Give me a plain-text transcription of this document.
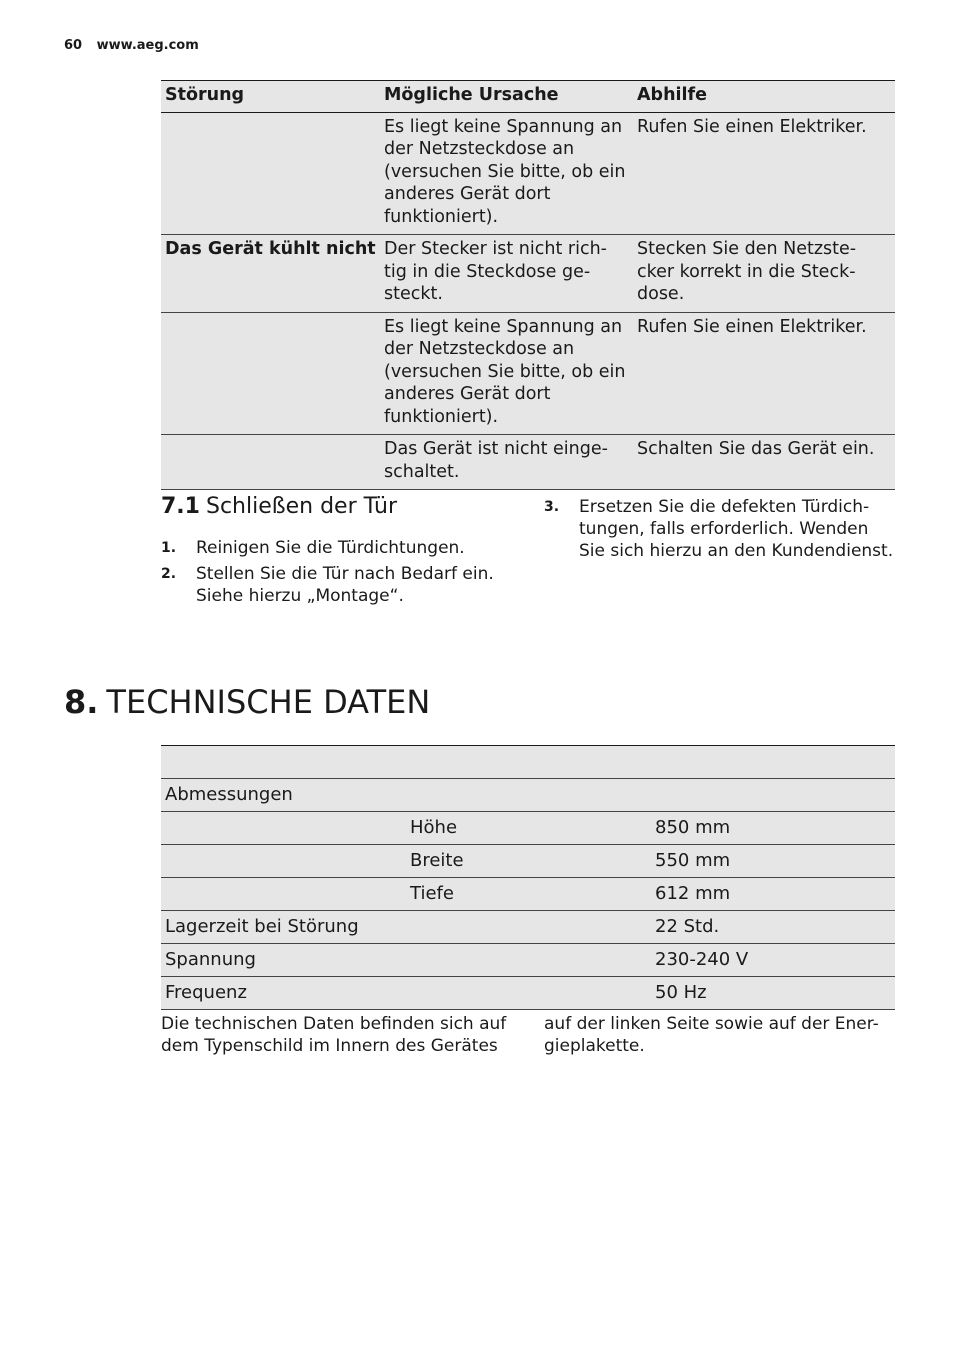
60 www.aeg.com
Störung	Mögliche Ursache	Abhilfe
	Es liegt keine Spannung an der Netzsteckdose an (versuchen Sie bitte, ob ein anderes Gerät dort funktioniert).	Rufen Sie einen Elektriker.
Das Gerät kühlt nicht	Der Stecker ist nicht rich-tig in die Steckdose ge-steckt.	Stecken Sie den Netzste-cker korrekt in die Steck-dose.
	Es liegt keine Spannung an der Netzsteckdose an (versuchen Sie bitte, ob ein anderes Gerät dort funktioniert).	Rufen Sie einen Elektriker.
	Das Gerät ist nicht einge-schaltet.	Schalten Sie das Gerät ein.
7.1 Schließen der Tür
1. Reinigen Sie die Türdichtungen.
2. Stellen Sie die Tür nach Bedarf ein. Siehe hierzu „Montage“.
3. Ersetzen Sie die defekten Türdich-tungen, falls erforderlich. Wenden Sie sich hierzu an den Kundendienst.
8. TECHNISCHE DATEN

Abmessungen		
	Höhe	850 mm
	Breite	550 mm
	Tiefe	612 mm
Lagerzeit bei Störung		22 Std.
Spannung		230-240 V
Frequenz		50 Hz
Die technischen Daten befinden sich auf dem Typenschild im Innern des Gerätes
auf der linken Seite sowie auf der Ener-gieplakette.
